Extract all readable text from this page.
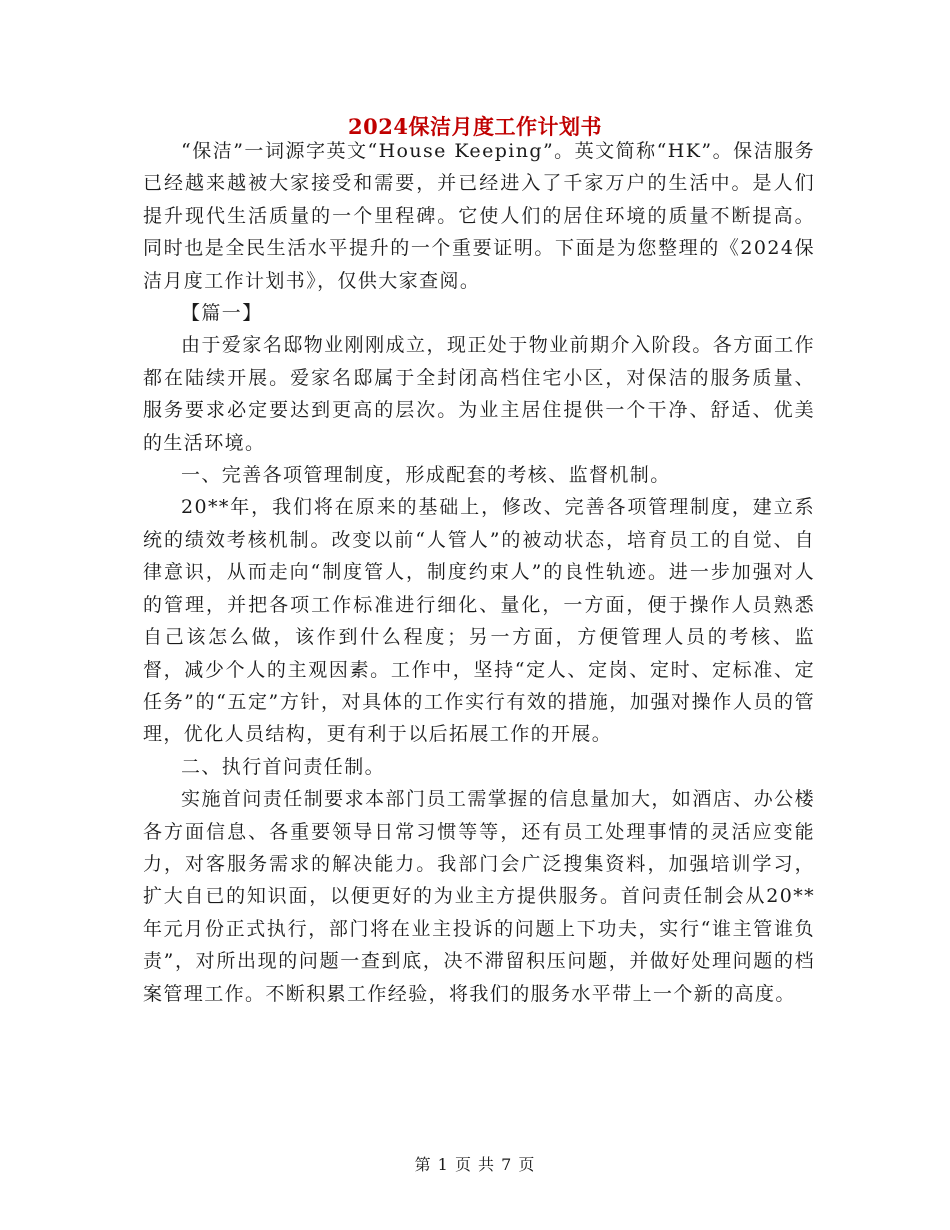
2024保洁月度工作计划书

“保洁”一词源字英文“House Keeping”。英文简称“HK”。保洁服务已经越来越被大家接受和需要，并已经进入了千家万户的生活中。是人们提升现代生活质量的一个里程碑。它使人们的居住环境的质量不断提高。同时也是全民生活水平提升的一个重要证明。下面是为您整理的《2024保洁月度工作计划书》，仅供大家查阅。

【篇一】

由于爱家名邸物业刚刚成立，现正处于物业前期介入阶段。各方面工作都在陆续开展。爱家名邸属于全封闭高档住宅小区，对保洁的服务质量、服务要求必定要达到更高的层次。为业主居住提供一个干净、舒适、优美的生活环境。

一、完善各项管理制度，形成配套的考核、监督机制。

20**年，我们将在原来的基础上，修改、完善各项管理制度，建立系统的绩效考核机制。改变以前“人管人”的被动状态，培育员工的自觉、自律意识，从而走向“制度管人，制度约束人”的良性轨迹。进一步加强对人的管理，并把各项工作标准进行细化、量化，一方面，便于操作人员熟悉自己该怎么做，该作到什么程度；另一方面，方便管理人员的考核、监督，减少个人的主观因素。工作中，坚持“定人、定岗、定时、定标准、定任务”的“五定”方针，对具体的工作实行有效的措施，加强对操作人员的管理，优化人员结构，更有利于以后拓展工作的开展。

二、执行首问责任制。

实施首问责任制要求本部门员工需掌握的信息量加大，如酒店、办公楼各方面信息、各重要领导日常习惯等等，还有员工处理事情的灵活应变能力，对客服务需求的解决能力。我部门会广泛搜集资料，加强培训学习，扩大自已的知识面，以便更好的为业主方提供服务。首问责任制会从20**年元月份正式执行，部门将在业主投诉的问题上下功夫，实行“谁主管谁负责”，对所出现的问题一查到底，决不滞留积压问题，并做好处理问题的档案管理工作。不断积累工作经验，将我们的服务水平带上一个新的高度。

第 1 页 共 7 页
